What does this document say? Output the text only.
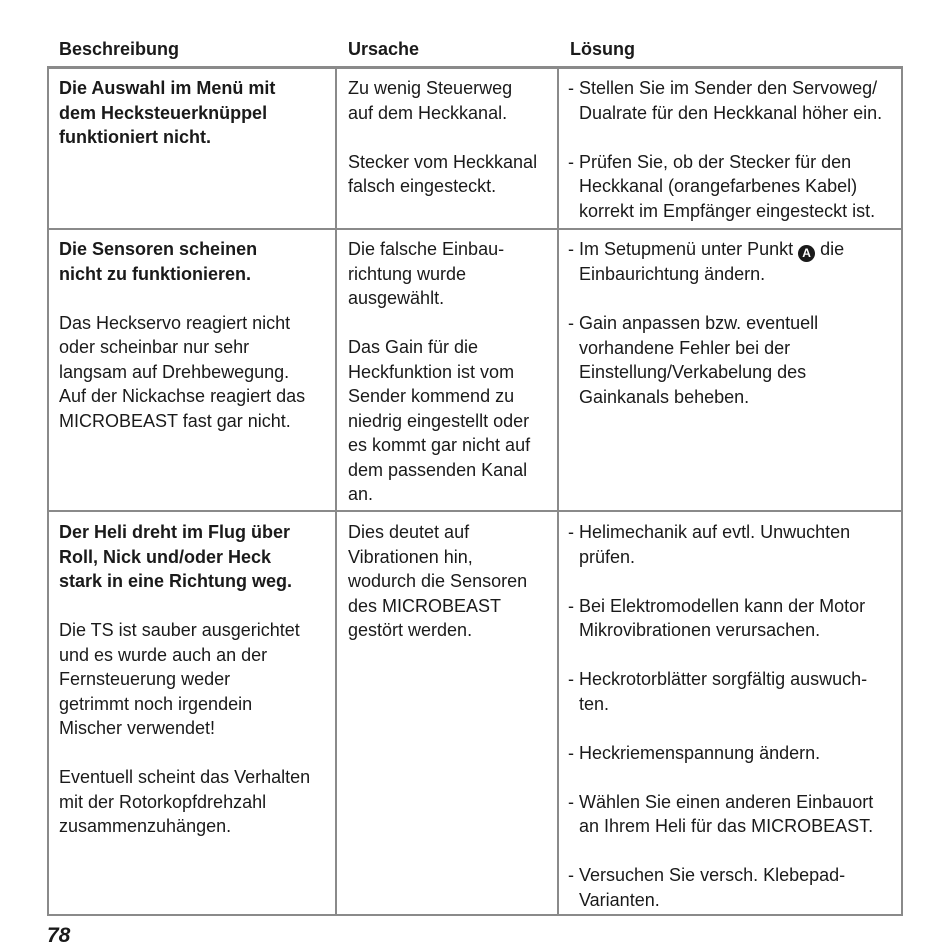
Beschreibung	Ursache	Lösung

Die Auswahl im Menü mit

dem Hecksteuerknüppel

funktioniert nicht.

Zu wenig Steuerweg

auf dem Heckkanal.

Stecker vom Heckkanal

falsch eingesteckt.

- Stellen Sie im Sender den Servoweg/

Dualrate für den Heckkanal höher ein.

- Prüfen Sie, ob der Stecker für den

Heckkanal (orangefarbenes Kabel)

korrekt im Empfänger eingesteckt ist.

Die Sensoren scheinen

nicht zu funktionieren.

Das Heckservo reagiert nicht

oder scheinbar nur sehr

langsam auf Drehbewegung.

Auf der Nickachse reagiert das

MICROBEAST fast gar nicht.

Die falsche Einbau-

richtung wurde

ausgewählt.

Das Gain für die

Heckfunktion ist vom

Sender kommend zu

niedrig eingestellt oder

es kommt gar nicht auf

dem passenden Kanal

an.

- Im Setupmenü unter Punkt A die

Einbaurichtung ändern.

- Gain anpassen bzw. eventuell

vorhandene Fehler bei der

Einstellung/Verkabelung des

Gainkanals beheben.

Der Heli dreht im Flug über

Roll, Nick und/oder Heck

stark in eine Richtung weg.

Die TS ist sauber ausgerichtet

und es wurde auch an der

Fernsteuerung weder

getrimmt noch irgendein

Mischer verwendet!

Eventuell scheint das Verhalten

mit der Rotorkopfdrehzahl

zusammenzuhängen.

Dies deutet auf

Vibrationen hin,

wodurch die Sensoren

des MICROBEAST

gestört werden.

- Helimechanik auf evtl. Unwuchten

prüfen.

- Bei Elektromodellen kann der Motor

Mikrovibrationen verursachen.

- Heckrotorblätter sorgfältig auswuch-

ten.

- Heckriemenspannung ändern.

- Wählen Sie einen anderen Einbauort

an Ihrem Heli für das MICROBEAST.

- Versuchen Sie versch. Klebepad-

Varianten.

78
